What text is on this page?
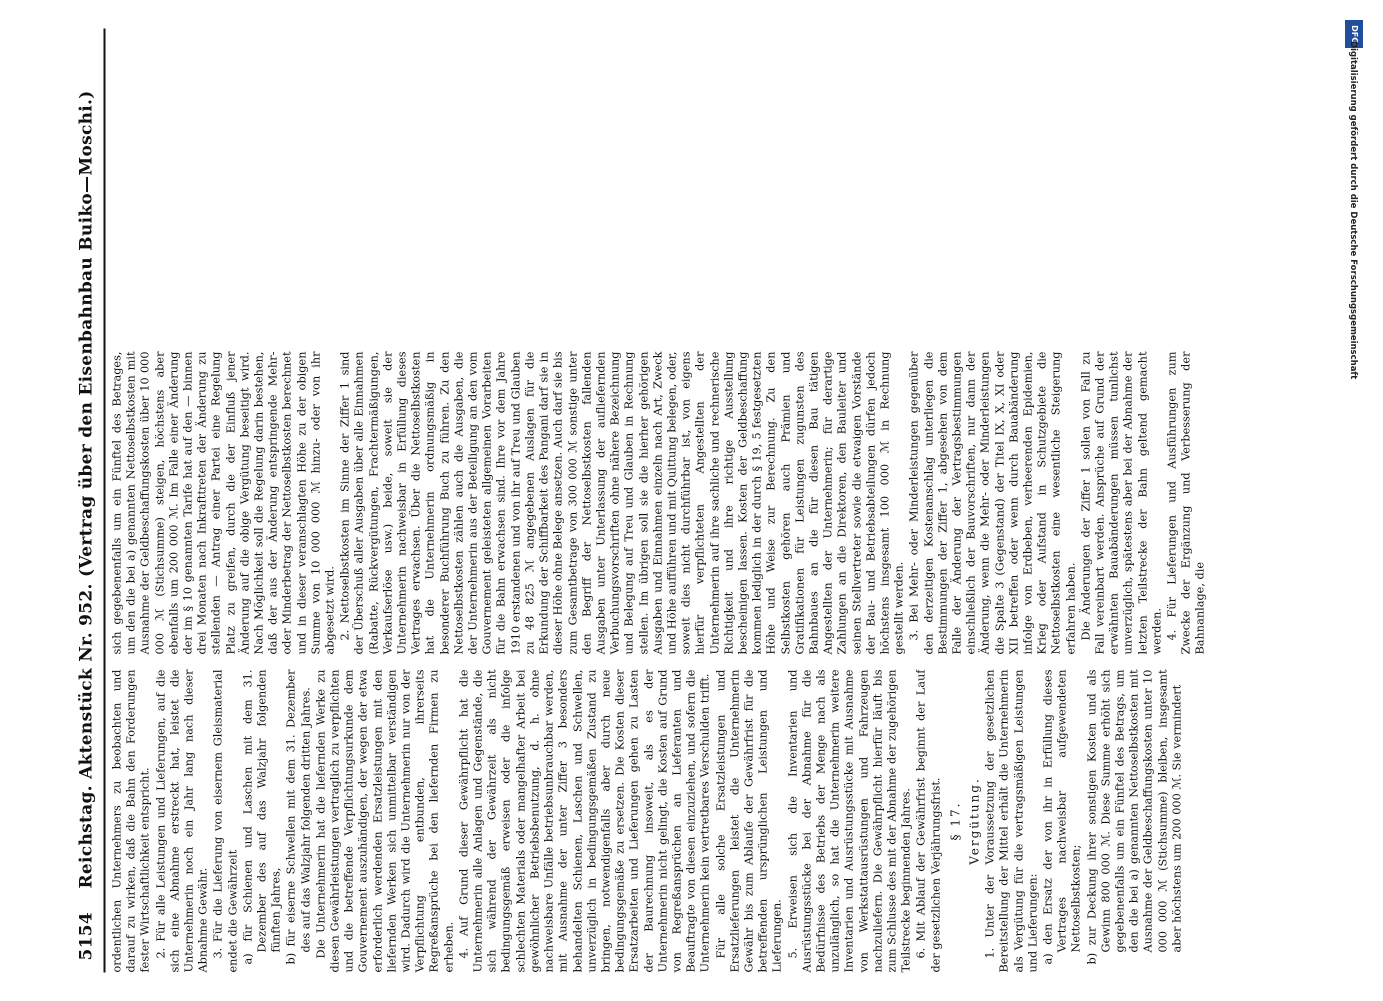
5154
Reichstag. Aktenstück Nr. 952. (Vertrag über den Eisenbahnbau Buiko—Moschi.) ordentlichen Unternehmers zu beobachten und darauf zu wirken, daß die Bahn den Forderungen fester Wirtschaftlichkeit entspricht. 2. Für alle Leistungen und Lieferungen, auf die sich eine Abnahme erstreckt hat, leistet die Unternehmerin noch ein Jahr lang nach dieser Abnahme Gewähr. 3. Für die Lieferung von eisernem Gleismaterial endet die Gewährzeit a) für Schienen und Laschen mit dem 31. Dezember des auf das Walzjahr folgenden fünften Jahres, b) für eiserne Schwellen mit dem 31. Dezember des auf das Walzjahr folgenden dritten Jahres. Die Unternehmerin hat die liefernden Werke zu diesen Gewährleistungen vertraglich zu verpflichten und die betreffende Verpflichtungsurkunde dem Gouvernement auszuhändigen, der wegen der etwa erforderlich werdenden Ersatzleistungen mit den liefernden Werken sich unmittelbar verständigen wird. Dadurch wird die Unternehmerin nur von der Verpflichtung entbunden, ihrerseits Regreßansprüche bei den liefernden Firmen zu erheben. 4. Auf Grund dieser Gewährpflicht hat die Unternehmerin alle Anlagen und Gegenstände, die sich während der Gewährzeit als nicht bedingungsgemäß erweisen oder die infolge schlechten Materials oder mangelhafter Arbeit bei gewöhnlicher Betriebsbenutzung, d. h. ohne nachweisbare Unfälle betriebsunbrauchbar werden, mit Ausnahme der unter Ziffer 3 besonders behandelten Schienen, Laschen und Schwellen, unverzüglich in bedingungsgemäßen Zustand zu bringen, notwendigenfalls aber durch neue bedingungsgemäße zu ersetzen. Die Kosten dieser Ersatzarbeiten und Lieferungen gehen zu Lasten der Baurechnung insoweit, als es der Unternehmerin nicht gelingt, die Kosten auf Grund von Regreßansprüchen an Lieferanten und Beauftragte von diesen einzuziehen, und sofern die Unternehmerin kein vertretbares Verschulden trifft. Für alle solche Ersatzleistungen und Ersatzlieferungen leistet die Unternehmerin Gewähr bis zum Ablaufe der Gewährfrist für die betreffenden ursprünglichen Leistungen und Lieferungen. 5. Erweisen sich die Inventarien und Ausrüstungsstücke bei der Abnahme für die Bedürfnisse des Betriebs der Menge nach als unzulänglich, so hat die Unternehmerin weitere Inventarien und Ausrüstungsstücke mit Ausnahme von Werkstattausrüstungen und Fahrzeugen nachzuliefern. Die Gewährpflicht hierfür läuft bis zum Schlusse des mit der Abnahme der zugehörigen Teilstrecke beginnenden Jahres. 6. Mit Ablauf der Gewährfrist beginnt der Lauf der gesetzlichen Verjährungsfrist. § 17. Vergütung. 1. Unter der Voraussetzung der gesetzlichen Bereitstellung der Mittel erhält die Unternehmerin als Vergütung für die vertragsmäßigen Leistungen und Lieferungen: a) den Ersatz der von ihr in Erfüllung dieses Vertrages nachweisbar aufgewendeten Nettoselbstkosten; b) zur Deckung ihrer sonstigen Kosten und als Gewinn 800 000 ℳ. Diese Summe erhöht sich gegebenenfalls um ein Fünftel des Betrags, um den die bei a) genannten Nettoselbstkosten mit Ausnahme der Geldbeschaffungskosten unter 10 000 000 ℳ (Stichsumme) bleiben, insgesamt aber höchstens um 200 000 ℳ. Sie vermindert

sich gegebenenfalls um ein Fünftel des Betrages, um den die bei a) genannten Nettoselbstkosten mit Ausnahme der Geldbeschaffungskosten über 10 000 000 ℳ (Stichsumme) steigen, höchstens aber ebenfalls um 200 000 ℳ. Im Falle einer Änderung der im § 10 genannten Tarife hat auf den — binnen drei Monaten nach Inkrafttreten der Änderung zu stellenden — Antrag einer Partei eine Regelung Platz zu greifen, durch die der Einfluß jener Änderung auf die obige Vergütung beseitigt wird. Nach Möglichkeit soll die Regelung darin bestehen, daß der aus der Änderung entspringende Mehr- oder Minderbetrag der Nettoselbstkosten berechnet und in dieser veranschlagten Höhe zu der obigen Summe von 10 000 000 ℳ hinzu- oder von ihr abgesetzt wird. 2. Nettoselbstkosten im Sinne der Ziffer 1 sind der Überschuß aller Ausgaben über alle Einnahmen (Rabatte, Rückvergütungen, Frachtermäßigungen, Verkaufserlöse usw.) beide, soweit sie der Unternehmerin nachweisbar in Erfüllung dieses Vertrages erwachsen. Über die Nettoselbstkosten hat die Unternehmerin ordnungsmäßig in besonderer Buchführung Buch zu führen. Zu den Nettoselbstkosten zählen auch die Ausgaben, die der Unternehmerin aus der Beteiligung an den vom Gouvernement geleisteten allgemeinen Vorarbeiten für die Bahn erwachsen sind. Ihre vor dem Jahre 1910 erstandenen und von ihr auf Treu und Glauben zu 48 825 ℳ angegebenen Auslagen für die Erkundung der Schiffbarkeit des Pangani darf sie in dieser Höhe ohne Belege ansetzen. Auch darf sie bis zum Gesamtbetrage von 300 000 ℳ sonstige unter den Begriff der Nettoselbstkosten fallenden Ausgaben unter Unterlassung der aufliefernden Verbuchungsvorschriften ohne nähere Bezeichnung und Belegung auf Treu und Glauben in Rechnung stellen. Im übrigen soll sie die hierher gehörigen Ausgaben und Einnahmen einzeln nach Art, Zweck und Höhe aufführen und mit Quittung belegen, oder, soweit dies nicht durchführbar ist, von eigens hierfür verpflichteten Angestellten der Unternehmerin auf ihre sachliche und rechnerische Richtigkeit und ihre richtige Ausstellung bescheinigen lassen. Kosten der Geldbeschaffung kommen lediglich in der durch § 19, 5 festgesetzten Höhe und Weise zur Berechnung. Zu den Selbstkosten gehören auch Prämien und Gratifikationen für Leistungen zugunsten des Bahnbaues an die für diesen Bau tätigen Angestellten der Unternehmerin; für derartige Zahlungen an die Direktoren, den Bauleiter und seinen Stellvertreter sowie die etwaigen Vorstände der Bau- und Betriebsabteilungen dürfen jedoch höchstens insgesamt 100 000 ℳ in Rechnung gestellt werden. 3. Bei Mehr- oder Minderleistungen gegenüber den derzeitigen Kostenanschlag unterliegen die Bestimmungen der Ziffer 1, abgesehen von dem Falle der Änderung der Vertragsbestimmungen einschließlich der Bauvorschriften, nur dann der Änderung, wenn die Mehr- oder Minderleistungen die Spalte 3 (Gegenstand) der Titel IX, X, XI oder XII betreffen oder wenn durch Bauabänderung infolge von Erdbeben, verheerenden Epidemien, Krieg oder Aufstand in Schutzgebiete die Nettoselbstkosten eine wesentliche Steigerung erfahren haben. Die Änderungen der Ziffer 1 sollen von Fall zu Fall vereinbart werden. Ansprüche auf Grund der erwähnten Bauabänderungen müssen tunlichst unverzüglich, spätestens aber bei der Abnahme der letzten Teilstrecke der Bahn geltend gemacht werden. 4. Für Lieferungen und Ausführungen zum Zwecke der Ergänzung und Verbesserung der Bahnanlage, die

DFG
Digitalisierung gefördert durch die Deutsche Forschungsgemeinschaft
